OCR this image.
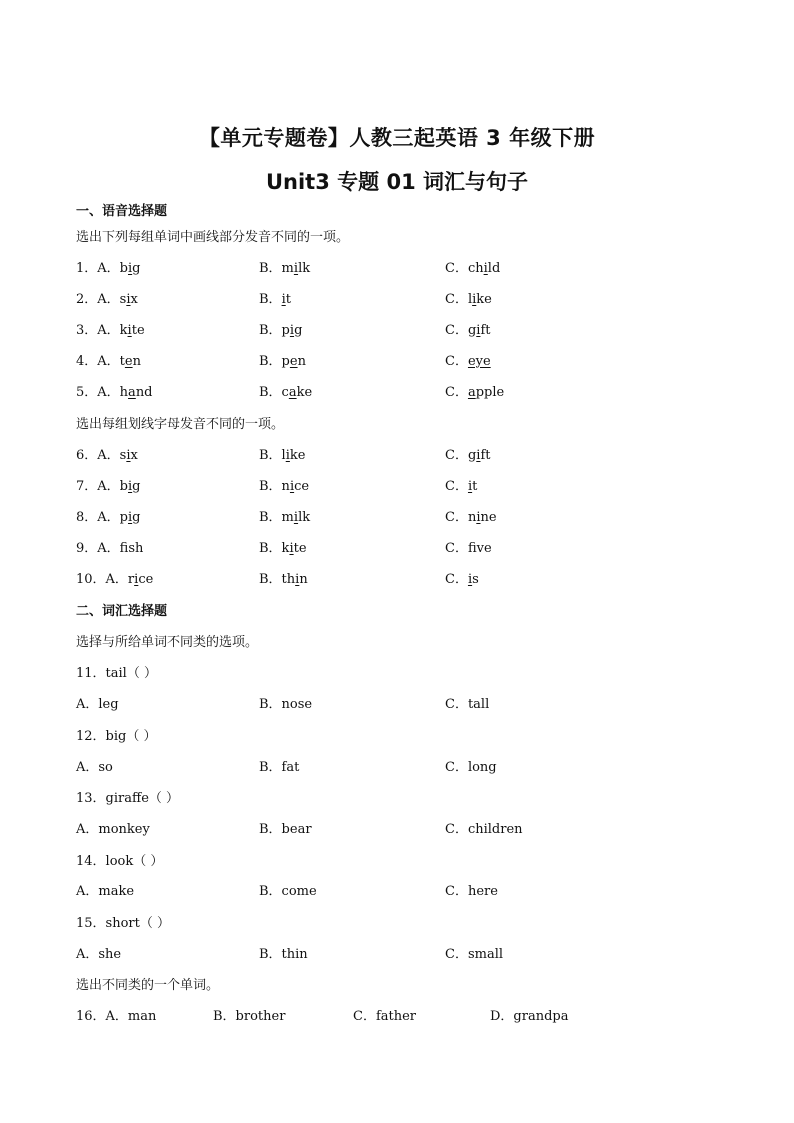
【单元专题卷】人教三起英语 3 年级下册
Unit3 专题 01 词汇与句子
一、语音选择题
选出下列每组单词中画线部分发音不同的一项。
1．A．big	B．milk	C．child
2．A．six	B．it	C．like
3．A．kite	B．pig	C．gift
4．A．ten	B．pen	C．eye
5．A．hand	B．cake	C．apple
选出每组划线字母发音不同的一项。
6．A．six	B．like	C．gift
7．A．big	B．nice	C．it
8．A．pig	B．milk	C．nine
9．A．fsh	B．kite	C．fve
10．A．rice	B．thin	C．is
二、词汇选择题
选择与所给单词不同类的选项。
11．tail（ ）
A．leg	B．nose	C．tall
12．big（ ）
A．so	B．fat	C．long
13．giraffe（ ）
A．monkey	B．bear	C．children
14．look（ ）
A．make	B．come	C．here
15．short（ ）
A．she	B．thin	C．small
选出不同类的一个单词。
16．A．man	B．brother	C．father	D．grandpa
